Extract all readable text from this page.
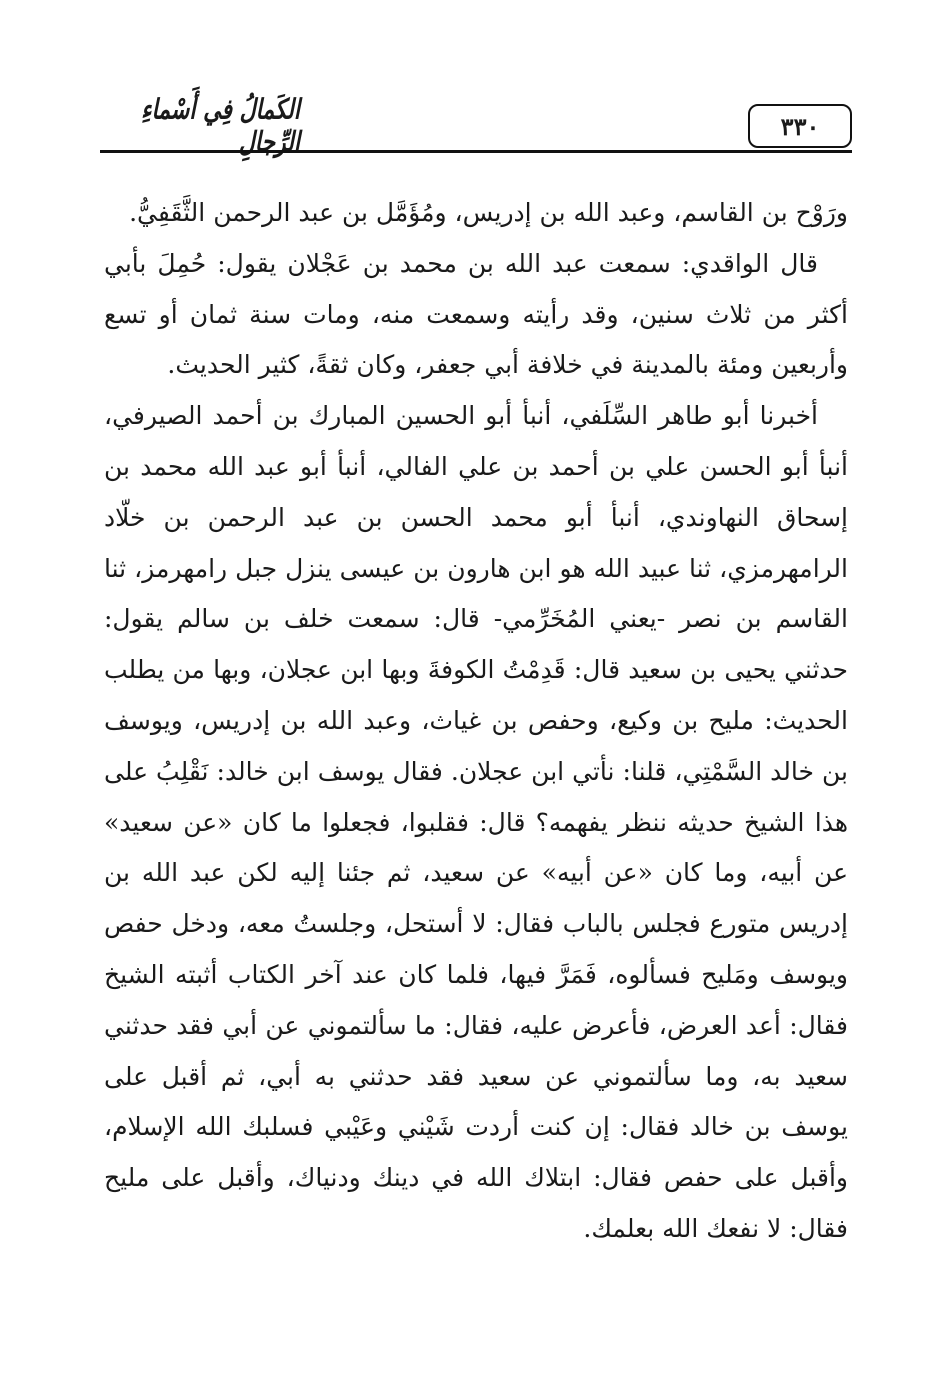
٣٣٠
الكَمالُ فِي أَسْماءِ الرِّجالِ

ورَوْح بن القاسم، وعبد الله بن إدريس، ومُؤَمَّل بن عبد الرحمن الثَّقَفِيُّ.

قال الواقدي: سمعت عبد الله بن محمد بن عَجْلان يقول: حُمِلَ بأبي أكثر من ثلاث سنين، وقد رأيته وسمعت منه، ومات سنة ثمان أو تسع وأربعين ومئة بالمدينة في خلافة أبي جعفر، وكان ثقةً، كثير الحديث.

أخبرنا أبو طاهر السِّلَفي، أنبأ أبو الحسين المبارك بن أحمد الصيرفي، أنبأ أبو الحسن علي بن أحمد بن علي الفالي، أنبأ أبو عبد الله محمد بن إسحاق النهاوندي، أنبأ أبو محمد الحسن بن عبد الرحمن بن خلّاد الرامهرمزي، ثنا عبيد الله هو ابن هارون بن عيسى ينزل جبل رامهرمز، ثنا القاسم بن نصر -يعني المُخَرِّمي- قال: سمعت خلف بن سالم يقول: حدثني يحيى بن سعيد قال: قَدِمْتُ الكوفةَ وبها ابن عجلان، وبها من يطلب الحديث: مليح بن وكيع، وحفص بن غياث، وعبد الله بن إدريس، ويوسف بن خالد السَّمْتِي، قلنا: نأتي ابن عجلان. فقال يوسف ابن خالد: نَقْلِبُ على هذا الشيخ حديثه ننظر يفهمه؟ قال: فقلبوا، فجعلوا ما كان «عن سعيد» عن أبيه، وما كان «عن أبيه» عن سعيد، ثم جئنا إليه لكن عبد الله بن إدريس متورع فجلس بالباب فقال: لا أستحل، وجلستُ معه، ودخل حفص ويوسف ومَليح فسألوه، فَمَرَّ فيها، فلما كان عند آخر الكتاب أثبته الشيخ فقال: أعد العرض، فأعرض عليه، فقال: ما سألتموني عن أبي فقد حدثني سعيد به، وما سألتموني عن سعيد فقد حدثني به أبي، ثم أقبل على يوسف بن خالد فقال: إن كنت أردت شَيْني وعَيْبي فسلبك الله الإسلام، وأقبل على حفص فقال: ابتلاك الله في دينك ودنياك، وأقبل على مليح فقال: لا نفعك الله بعلمك.
